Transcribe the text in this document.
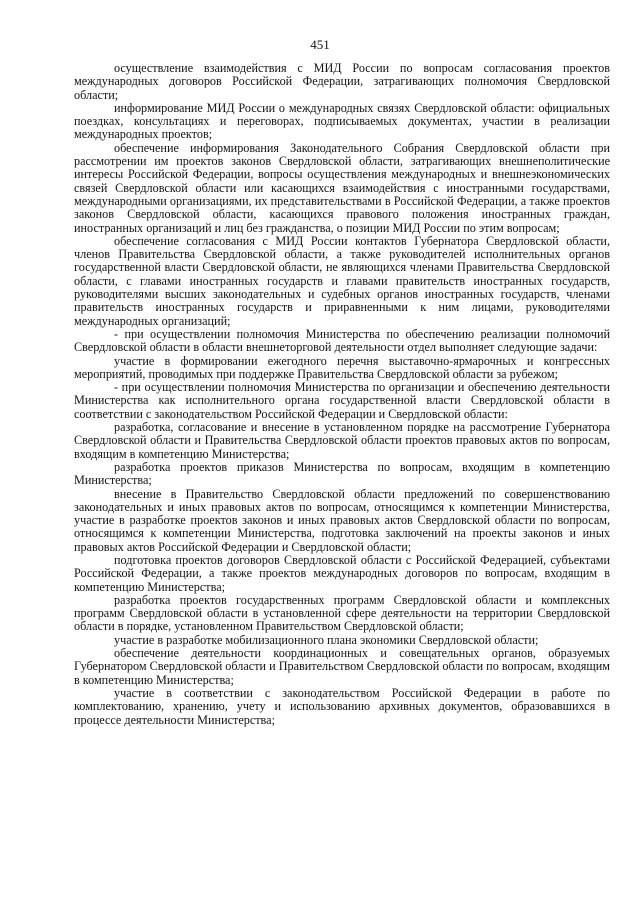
451

осуществление взаимодействия с МИД России по вопросам согласования проектов международных договоров Российской Федерации, затрагивающих полномочия Свердловской области;

информирование МИД России о международных связях Свердловской области: официальных поездках, консультациях и переговорах, подписываемых документах, участии в реализации международных проектов;

обеспечение информирования Законодательного Собрания Свердловской области при рассмотрении им проектов законов Свердловской области, затрагивающих внешнеполитические интересы Российской Федерации, вопросы осуществления международных и внешнеэкономических связей Свердловской области или касающихся взаимодействия с иностранными государствами, международными организациями, их представительствами в Российской Федерации, а также проектов законов Свердловской области, касающихся правового положения иностранных граждан, иностранных организаций и лиц без гражданства, о позиции МИД России по этим вопросам;

обеспечение согласования с МИД России контактов Губернатора Свердловской области, членов Правительства Свердловской области, а также руководителей исполнительных органов государственной власти Свердловской области, не являющихся членами Правительства Свердловской области, с главами иностранных государств и главами правительств иностранных государств, руководителями высших законодательных и судебных органов иностранных государств, членами правительств иностранных государств и приравненными к ним лицами, руководителями международных организаций;

- при осуществлении полномочия Министерства по обеспечению реализации полномочий Свердловской области в области внешнеторговой деятельности отдел выполняет следующие задачи:

участие в формировании ежегодного перечня выставочно-ярмарочных и конгрессных мероприятий, проводимых при поддержке Правительства Свердловской области за рубежом;

- при осуществлении полномочия Министерства по организации и обеспечению деятельности Министерства как исполнительного органа государственной власти Свердловской области в соответствии с законодательством Российской Федерации и Свердловской области:

разработка, согласование и внесение в установленном порядке на рассмотрение Губернатора Свердловской области и Правительства Свердловской области проектов правовых актов по вопросам, входящим в компетенцию Министерства;

разработка проектов приказов Министерства по вопросам, входящим в компетенцию Министерства;

внесение в Правительство Свердловской области предложений по совершенствованию законодательных и иных правовых актов по вопросам, относящимся к компетенции Министерства, участие в разработке проектов законов и иных правовых актов Свердловской области по вопросам, относящимся к компетенции Министерства, подготовка заключений на проекты законов и иных правовых актов Российской Федерации и Свердловской области;

подготовка проектов договоров Свердловской области с Российской Федерацией, субъектами Российской Федерации, а также проектов международных договоров по вопросам, входящим в компетенцию Министерства;

разработка проектов государственных программ Свердловской области и комплексных программ Свердловской области в установленной сфере деятельности на территории Свердловской области в порядке, установленном Правительством Свердловской области;

участие в разработке мобилизационного плана экономики Свердловской области;

обеспечение деятельности координационных и совещательных органов, образуемых Губернатором Свердловской области и Правительством Свердловской области по вопросам, входящим в компетенцию Министерства;

участие в соответствии с законодательством Российской Федерации в работе по комплектованию, хранению, учету и использованию архивных документов, образовавшихся в процессе деятельности Министерства;
